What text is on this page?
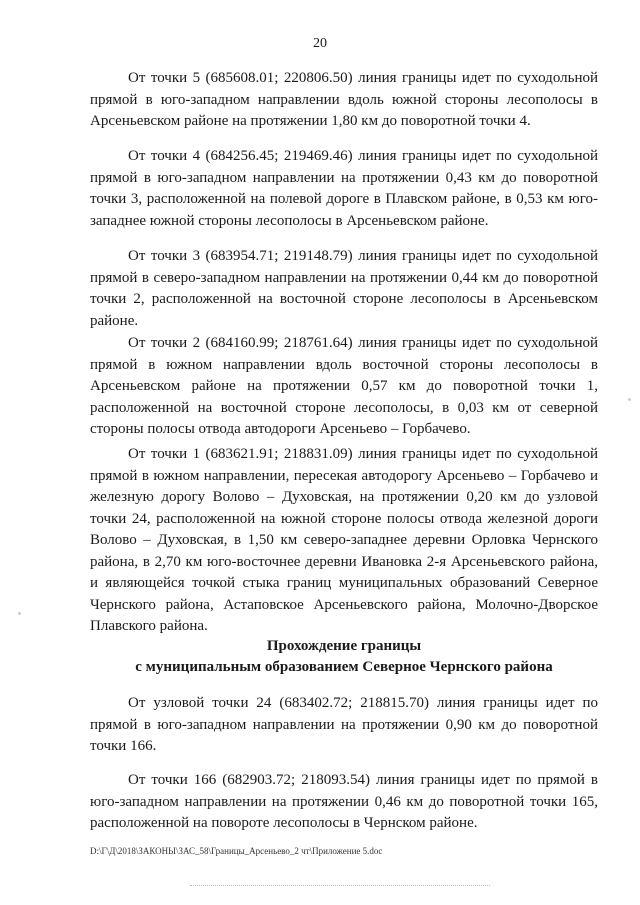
20

От точки 5 (685608.01; 220806.50) линия границы идет по суходольной прямой в юго-западном направлении вдоль южной стороны лесополосы в Арсеньевском районе на протяжении 1,80 км до поворотной точки 4.

От точки 4 (684256.45; 219469.46) линия границы идет по суходольной прямой в юго-западном направлении на протяжении 0,43 км до поворотной точки 3, расположенной на полевой дороге в Плавском районе, в 0,53 км юго-западнее южной стороны лесополосы в Арсеньевском районе.

От точки 3 (683954.71; 219148.79) линия границы идет по суходольной прямой в северо-западном направлении на протяжении 0,44 км до поворотной точки 2, расположенной на восточной стороне лесополосы в Арсеньевском районе.

От точки 2 (684160.99; 218761.64) линия границы идет по суходольной прямой в южном направлении вдоль восточной стороны лесополосы в Арсеньевском районе на протяжении 0,57 км до поворотной точки 1, расположенной на восточной стороне лесополосы, в 0,03 км от северной стороны полосы отвода автодороги Арсеньево – Горбачево.

От точки 1 (683621.91; 218831.09) линия границы идет по суходольной прямой в южном направлении, пересекая автодорогу Арсеньево – Горбачево и железную дорогу Волово – Духовская, на протяжении 0,20 км до узловой точки 24, расположенной на южной стороне полосы отвода железной дороги Волово – Духовская, в 1,50 км северо-западнее деревни Орловка Чернского района, в 2,70 км юго-восточнее деревни Ивановка 2-я Арсеньевского района, и являющейся точкой стыка границ муниципальных образований Северное Чернского района, Астаповское Арсеньевского района, Молочно-Дворское Плавского района.

Прохождение границы
с муниципальным образованием Северное Чернского района

От узловой точки 24 (683402.72; 218815.70) линия границы идет по прямой в юго-западном направлении на протяжении 0,90 км до поворотной точки 166.

От точки 166 (682903.72; 218093.54) линия границы идет по прямой в юго-западном направлении на протяжении 0,46 км до поворотной точки 165, расположенной на повороте лесополосы в Чернском районе.

D:\Г\Д\2018\ЗАКОНЫ\ЗАС_58\Границы_Арсеньево_2 чт\Приложение 5.doc
